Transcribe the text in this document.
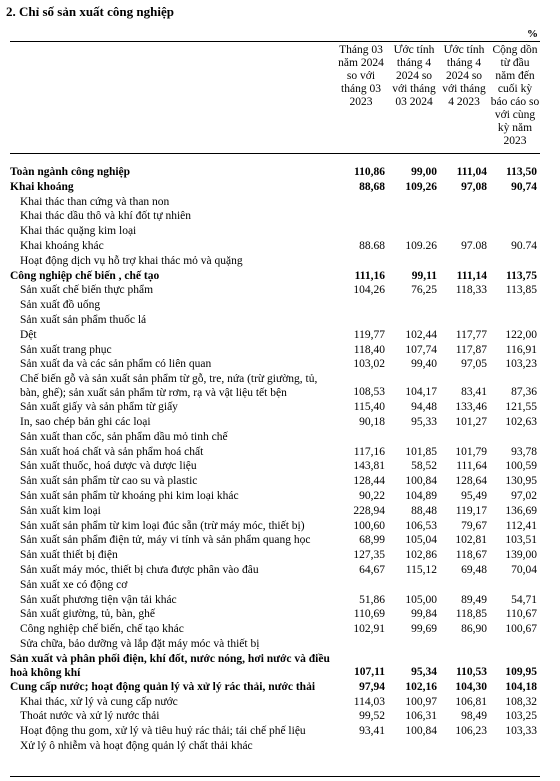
2. Chỉ số sản xuất công nghiệp
%
Tháng 03 năm 2024 so với tháng 03 2023
Ước tính tháng 4 2024 so với tháng 03 2024
Ước tính tháng 4 2024 so với tháng 4 2023
Cộng dồn từ đầu năm đến cuối kỳ báo cáo so với cùng kỳ năm 2023
Toàn ngành công nghiệp	110,86	99,00	111,04	113,50
Khai khoáng	88,68	109,26	97,08	90,74
Khai thác than cứng và than non				
Khai thác dầu thô và khí đốt tự nhiên				
Khai thác quặng kim loại				
Khai khoáng khác	88.68	109.26	97.08	90.74
Hoạt động dịch vụ hỗ trợ khai thác mỏ và quặng				
Công nghiệp chế biến , chế tạo	111,16	99,11	111,14	113,75
Sản xuất chế biến thực phẩm	104,26	76,25	118,33	113,85
Sản xuất đồ uống				
Sản xuất sản phẩm thuốc lá				
Dệt	119,77	102,44	117,77	122,00
Sản xuất trang phục	118,40	107,74	117,87	116,91
Sản xuất da và các sản phẩm có liên quan	103,02	99,40	97,05	103,23
Chế biến gỗ và sản xuất sản phẩm từ gỗ, tre, nứa (trừ giường, tủ, bàn, ghế); sản xuất sản phẩm từ rơm, rạ và vật liệu tết bện	108,53	104,17	83,41	87,36
Sản xuất giấy và sản phẩm từ giấy	115,40	94,48	133,46	121,55
In, sao chép bản ghi các loại	90,18	95,33	101,27	102,63
Sản xuất than cốc, sản phẩm dầu mỏ tinh chế				
Sản xuất hoá chất và sản phẩm hoá chất	117,16	101,85	101,79	93,78
Sản xuất thuốc, hoá dược và dược liệu	143,81	58,52	111,64	100,59
Sản xuất sản phẩm từ cao su và plastic	128,44	100,84	128,64	130,95
Sản xuất sản phẩm từ khoáng phi kim loại khác	90,22	104,89	95,49	97,02
Sản xuất kim loại	228,94	88,48	119,17	136,69
Sản xuất sản phẩm từ kim loại đúc sẵn (trừ máy móc, thiết bị)	100,60	106,53	79,67	112,41
Sản xuất sản phẩm điện tử, máy vi tính và sản phẩm quang học	68,99	105,04	102,81	103,51
Sản xuất thiết bị điện	127,35	102,86	118,67	139,00
Sản xuất máy móc, thiết bị chưa được phân vào đâu	64,67	115,12	69,48	70,04
Sản xuất xe có động cơ				
Sản xuất phương tiện vận tải khác	51,86	105,00	89,49	54,71
Sản xuất giường, tủ, bàn, ghế	110,69	99,84	118,85	110,67
Công nghiệp chế biến, chế tạo khác	102,91	99,69	86,90	100,67
Sửa chữa, bảo dưỡng và lắp đặt máy móc và thiết bị				
Sản xuất và phân phối điện, khí đốt, nước nóng, hơi nước và điều hoà không khí	107,11	95,34	110,53	109,95
Cung cấp nước; hoạt động quản lý và xử lý rác thải, nước thải	97,94	102,16	104,30	104,18
Khai thác, xử lý và cung cấp nước	114,03	100,97	106,81	108,32
Thoát nước và xử lý nước thải	99,52	106,31	98,49	103,25
Hoạt động thu gom, xử lý và tiêu huỷ rác thải; tái chế phế liệu	93,41	100,84	106,23	103,33
Xử lý ô nhiễm và hoạt động quản lý chất thải khác				
